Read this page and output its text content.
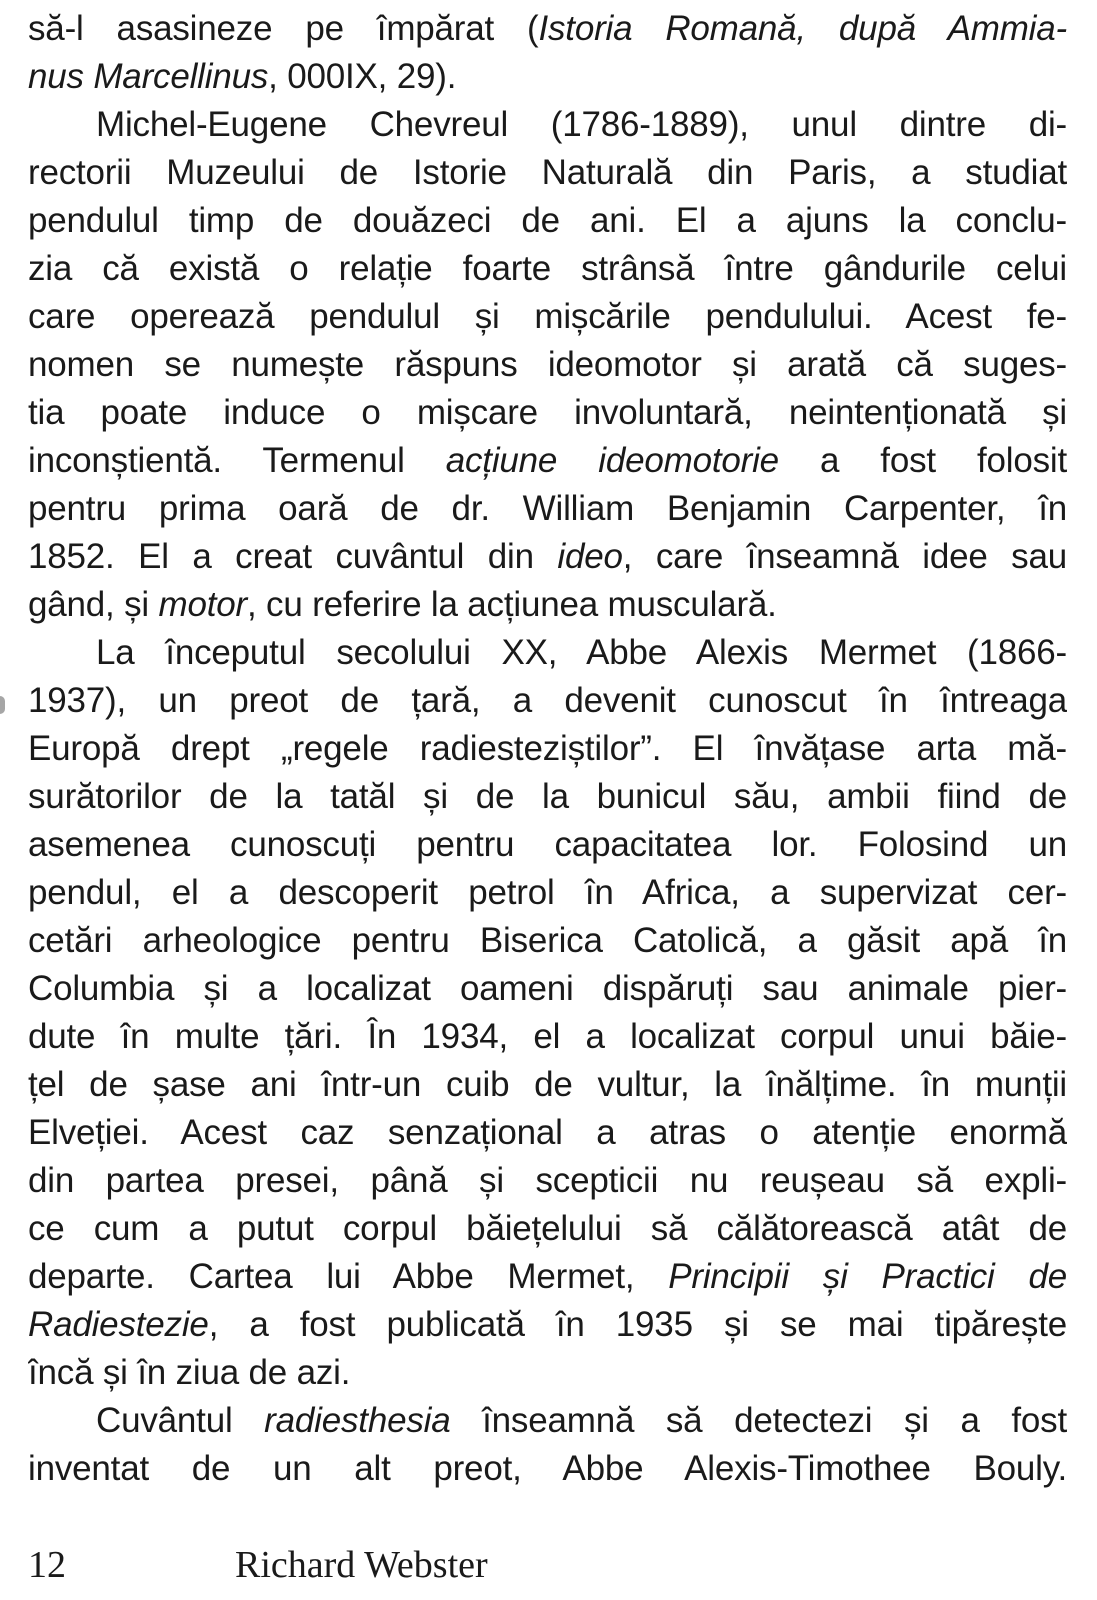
să-l asasineze pe împărat (Istoria Romană, după Ammia-
nus Marcellinus, 000IX, 29).
Michel-Eugene Chevreul (1786-1889), unul dintre di-
rectorii Muzeului de Istorie Naturală din Paris, a studiat
pendulul timp de douăzeci de ani. El a ajuns la conclu-
zia că există o relație foarte strânsă între gândurile celui
care operează pendulul și mișcările pendulului. Acest fe-
nomen se numește răspuns ideomotor și arată că suges-
tia poate induce o mișcare involuntară, neintenționată și
inconștientă. Termenul acțiune ideomotorie a fost folosit
pentru prima oară de dr. William Benjamin Carpenter, în
1852. El a creat cuvântul din ideo, care înseamnă idee sau
gând, și motor, cu referire la acțiunea musculară.
La începutul secolului XX, Abbe Alexis Mermet (1866-
1937), un preot de țară, a devenit cunoscut în întreaga
Europă drept „regele radiesteziștilor”. El învățase arta mă-
surătorilor de la tatăl și de la bunicul său, ambii fiind de
asemenea cunoscuți pentru capacitatea lor. Folosind un
pendul, el a descoperit petrol în Africa, a supervizat cer-
cetări arheologice pentru Biserica Catolică, a găsit apă în
Columbia și a localizat oameni dispăruți sau animale pier-
dute în multe țări. În 1934, el a localizat corpul unui băie-
țel de șase ani într-un cuib de vultur, la înălțime. în munții
Elveției. Acest caz senzațional a atras o atenție enormă
din partea presei, până și scepticii nu reușeau să expli-
ce cum a putut corpul băiețelului să călătorească atât de
departe. Cartea lui Abbe Mermet, Principii și Practici de
Radiestezie, a fost publicată în 1935 și se mai tipărește
încă și în ziua de azi.
Cuvântul radiesthesia înseamnă să detectezi și a fost
inventat de un alt preot, Abbe Alexis-Timothee Bouly.
12	Richard Webster
